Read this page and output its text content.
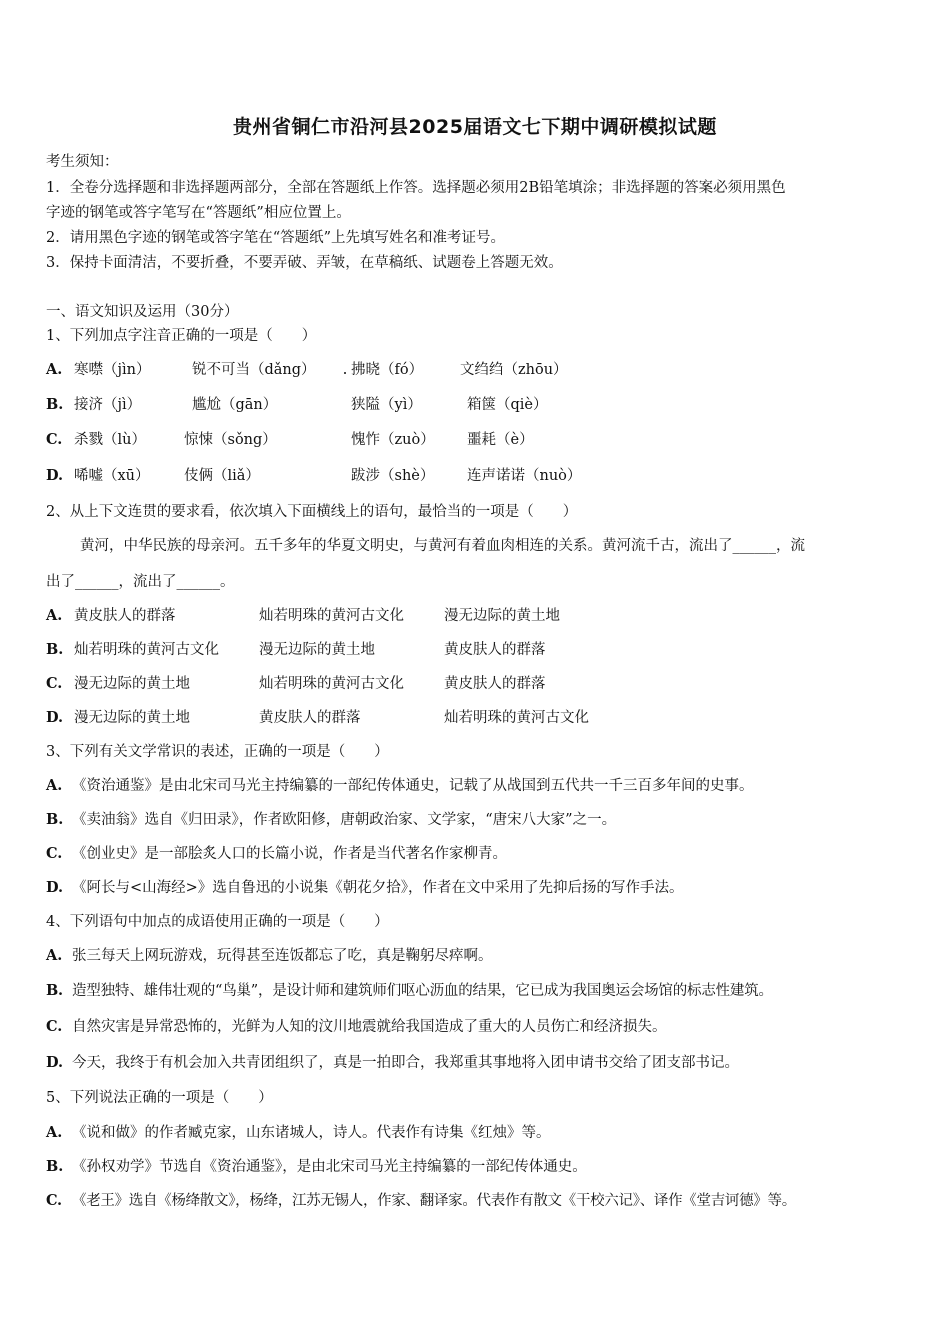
贵州省铜仁市沿河县2025届语文七下期中调研模拟试题
考生须知：
1．全卷分选择题和非选择题两部分，全部在答题纸上作答。选择题必须用2B铅笔填涂；非选择题的答案必须用黑色
字迹的钢笔或答字笔写在“答题纸”相应位置上。
2．请用黑色字迹的钢笔或答字笔在“答题纸”上先填写姓名和准考证号。
3．保持卡面清洁，不要折叠，不要弄破、弄皱，在草稿纸、试题卷上答题无效。
一、语文知识及运用（30分）
1、下列加点字注音正确的一项是（　　）
A. 寒噤（jìn）	锐不可当（dǎng） 拂晓（fó）	文绉绉（zhōu）
B. 接济（jì）	尴尬（gān）	狭隘（yì）	箱箧（qiè）
C. 杀戮（lù）	惊悚（sǒng）	愧怍（zuò） 噩耗（è）
D. 唏嘘（xū） 伎俩（liǎ）	跋涉（shè） 连声诺诺（nuò）
2、从上下文连贯的要求看，依次填入下面横线上的语句，最恰当的一项是（　　）
黄河，中华民族的母亲河。五千多年的华夏文明史，与黄河有着血肉相连的关系。黄河流千古，流出了______，流
出了______，流出了______。
A. 黄皮肤人的群落	灿若明珠的黄河古文化	漫无边际的黄土地
B. 灿若明珠的黄河古文化	漫无边际的黄土地	黄皮肤人的群落
C. 漫无边际的黄土地	灿若明珠的黄河古文化	黄皮肤人的群落
D. 漫无边际的黄土地	黄皮肤人的群落	灿若明珠的黄河古文化
3、下列有关文学常识的表述，正确的一项是（　　）
A. 《资治通鉴》是由北宋司马光主持编纂的一部纪传体通史，记载了从战国到五代共一千三百多年间的史事。
B. 《卖油翁》选自《归田录》，作者欧阳修，唐朝政治家、文学家，“唐宋八大家”之一。
C. 《创业史》是一部脍炙人口的长篇小说，作者是当代著名作家柳青。
D. 《阿长与<山海经>》选自鲁迅的小说集《朝花夕拾》，作者在文中采用了先抑后扬的写作手法。
4、下列语句中加点的成语使用正确的一项是（　　）
A. 张三每天上网玩游戏，玩得甚至连饭都忘了吃，真是鞠躬尽瘁啊。
B. 造型独特、雄伟壮观的“鸟巢”，是设计师和建筑师们呕心沥血的结果，它已成为我国奥运会场馆的标志性建筑。
C. 自然灾害是异常恐怖的，光鲜为人知的汶川地震就给我国造成了重大的人员伤亡和经济损失。
D. 今天，我终于有机会加入共青团组织了，真是一拍即合，我郑重其事地将入团申请书交给了团支部书记。
5、下列说法正确的一项是（　　）
A. 《说和做》的作者臧克家，山东诸城人，诗人。代表作有诗集《红烛》等。
B. 《孙权劝学》节选自《资治通鉴》，是由北宋司马光主持编纂的一部纪传体通史。
C. 《老王》选自《杨绛散文》，杨绛，江苏无锡人，作家、翻译家。代表作有散文《干校六记》、译作《堂吉诃德》等。
